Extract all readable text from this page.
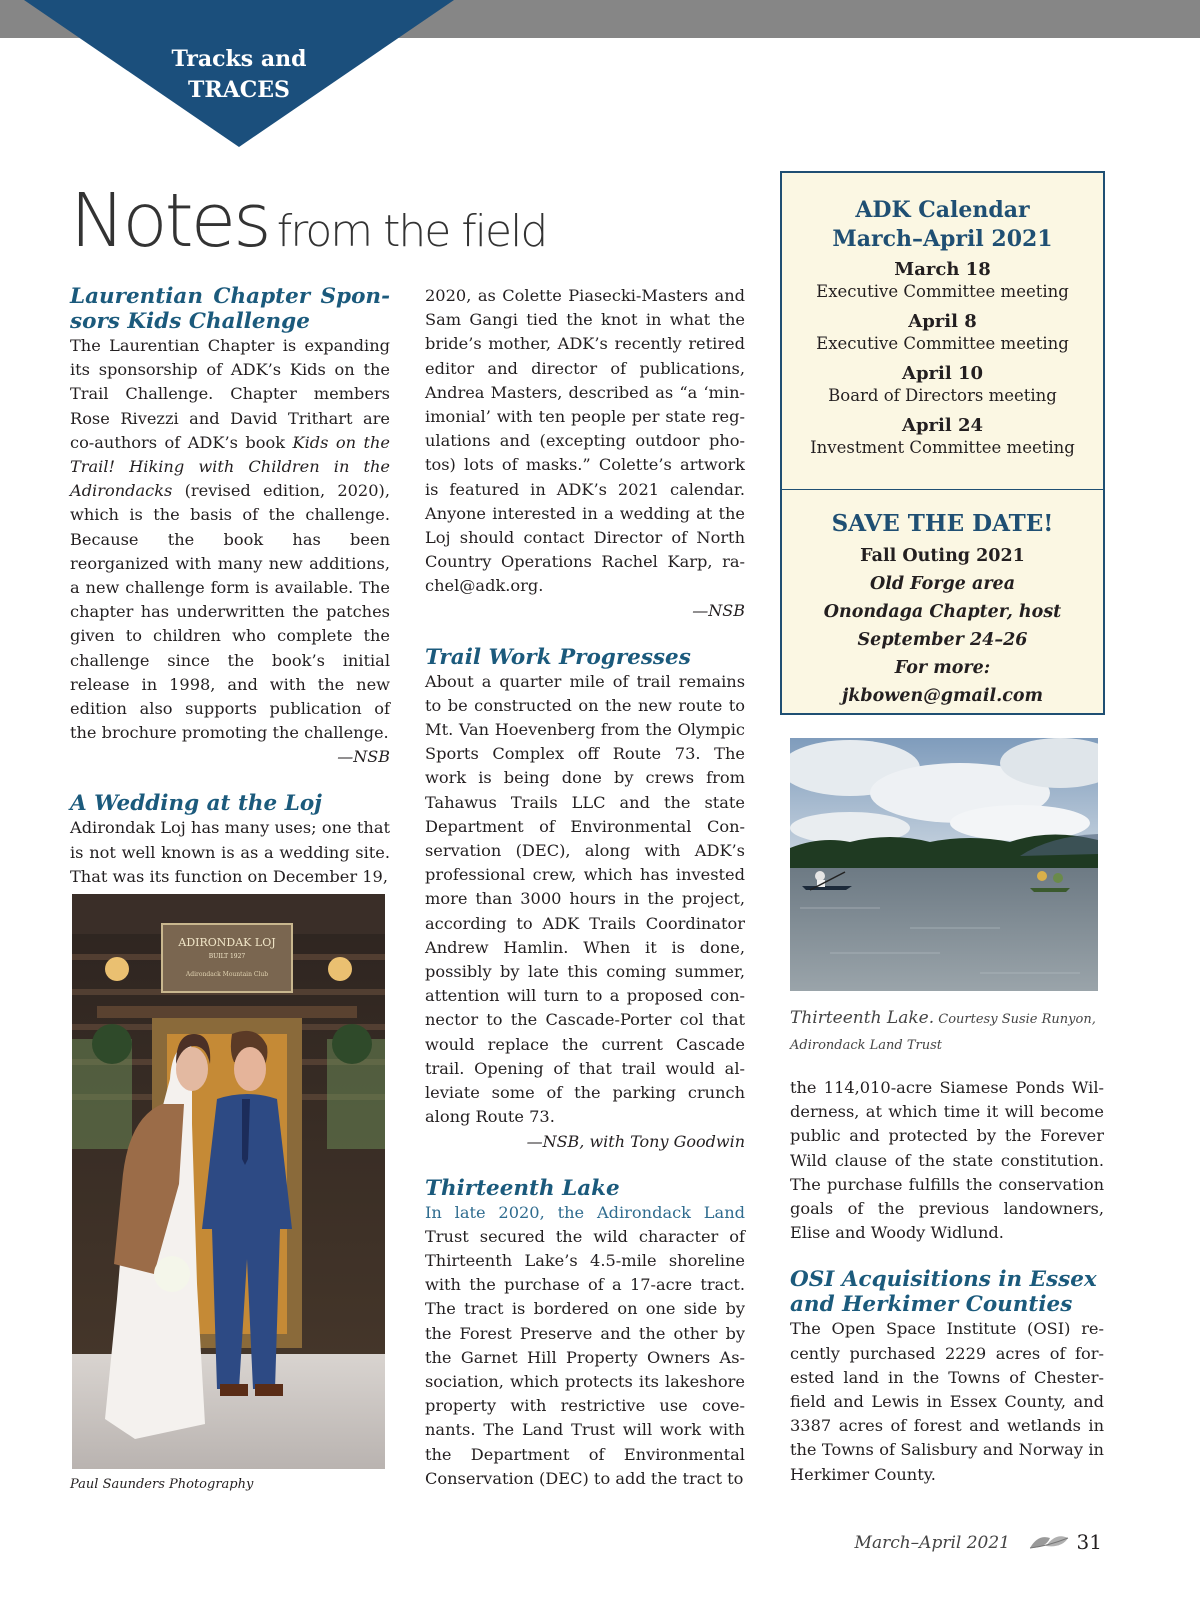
Tracks and
TRACES
Notes from the field
Laurentian Chapter Sponsors Kids Challenge
The Laurentian Chapter is expanding its sponsorship of ADK’s Kids on the Trail Challenge. Chapter members Rose Rivezzi and David Trithart are co-authors of ADK’s book Kids on the Trail! Hiking with Children in the Adirondacks (revised edition, 2020), which is the basis of the challenge. Because the book has been reorganized with many new additions, a new challenge form is available. The chapter has underwritten the patches given to children who complete the challenge since the book’s initial release in 1998, and with the new edition also supports publication of the brochure promoting the challenge.
—NSB
A Wedding at the Loj
Adirondak Loj has many uses; one that is not well known is as a wedding site. That was its function on December 19,
ADIRONDAK LOJ
BUILT 1927
Adirondack Mountain Club
Paul Saunders Photography
2020, as Colette Piasecki-Masters and Sam Gangi tied the knot in what the bride’s mother, ADK’s recently retired editor and director of publications, Andrea Masters, described as “a ‘minimonial’ with ten people per state regulations and (excepting outdoor photos) lots of masks.” Colette’s artwork is featured in ADK’s 2021 calendar. Anyone interested in a wedding at the Loj should contact Director of North Country Operations Rachel Karp, rachel@adk.org.
—NSB
Trail Work Progresses
About a quarter mile of trail remains to be constructed on the new route to Mt. Van Hoevenberg from the Olympic Sports Complex off Route 73. The work is being done by crews from Tahawus Trails LLC and the state Department of Environmental Conservation (DEC), along with ADK’s professional crew, which has invested more than 3000 hours in the project, according to ADK Trails Coordinator Andrew Hamlin. When it is done, possibly by late this coming summer, attention will turn to a proposed connector to the Cascade-Porter col that would replace the current Cascade trail. Opening of that trail would alleviate some of the parking crunch along Route 73.
—NSB, with Tony Goodwin
Thirteenth Lake
In late 2020, the Adirondack Land Trust secured the wild character of Thirteenth Lake’s 4.5-mile shoreline with the purchase of a 17-acre tract. The tract is bordered on one side by the Forest Preserve and the other by the Garnet Hill Property Owners Association, which protects its lakeshore property with restrictive use covenants. The Land Trust will work with the Department of Environmental Conservation (DEC) to add the tract to
ADK Calendar
March–April 2021
March 18
Executive Committee meeting
April 8
Executive Committee meeting
April 10
Board of Directors meeting
April 24
Investment Committee meeting
SAVE THE DATE!
Fall Outing 2021
Old Forge area
Onondaga Chapter, host
September 24–26
For more:
jkbowen@gmail.com
Thirteenth Lake. Courtesy Susie Runyon, Adirondack Land Trust
the 114,010-acre Siamese Ponds Wilderness, at which time it will become public and protected by the Forever Wild clause of the state constitution. The purchase fulfills the conservation goals of the previous landowners, Elise and Woody Widlund.
OSI Acquisitions in Essex and Herkimer Counties
The Open Space Institute (OSI) recently purchased 2229 acres of forested land in the Towns of Chesterfield and Lewis in Essex County, and 3387 acres of forest and wetlands in the Towns of Salisbury and Norway in Herkimer County.
March–April 2021	31
